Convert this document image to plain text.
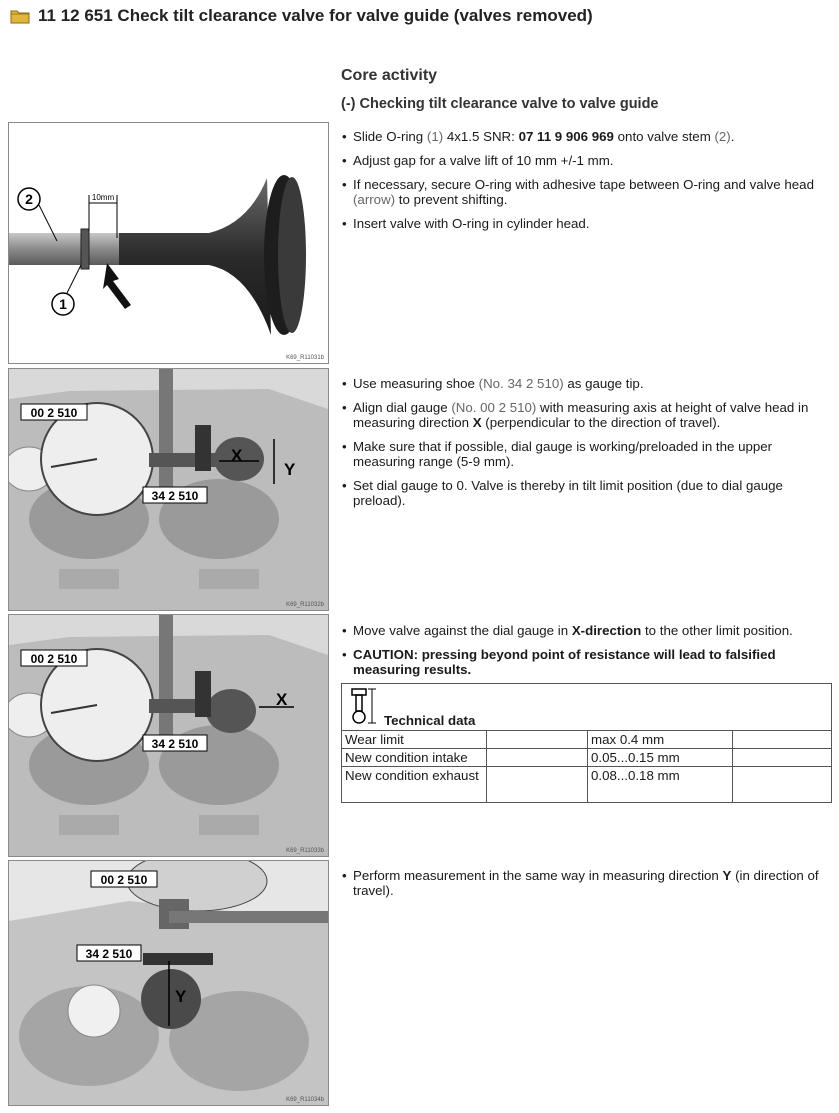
11 12 651 Check tilt clearance valve for valve guide (valves removed)
Core activity
(-) Checking tilt clearance valve to valve guide
10mm
2
1
K69_R11031b
Y
X
00 2 510
34 2 510
K69_R11032b
X
00 2 510
34 2 510
K69_R11033b
Y
00 2 510
34 2 510
K69_R11034b
• Slide O-ring (1) 4x1.5 SNR: 07 11 9 906 969 onto valve stem (2).
• Adjust gap for a valve lift of 10 mm +/-1 mm.
• If necessary, secure O-ring with adhesive tape between O-ring and valve head (arrow) to prevent shifting.
• Insert valve with O-ring in cylinder head.
• Use measuring shoe (No. 34 2 510) as gauge tip.
• Align dial gauge (No. 00 2 510) with measuring axis at height of valve head in measuring direction X (perpendicular to the direction of travel).
• Make sure that if possible, dial gauge is working/preloaded in the upper measuring range (5-9 mm).
• Set dial gauge to 0. Valve is thereby in tilt limit position (due to dial gauge preload).
• Move valve against the dial gauge in X-direction to the other limit position.
• CAUTION: pressing beyond point of resistance will lead to falsified measuring results.
Technical data			

Wear limit		max 0.4 mm	
New condition intake		0.05...0.15 mm	
New condition exhaust		0.08...0.18 mm	
• Perform measurement in the same way in measuring direction Y (in direction of travel).
